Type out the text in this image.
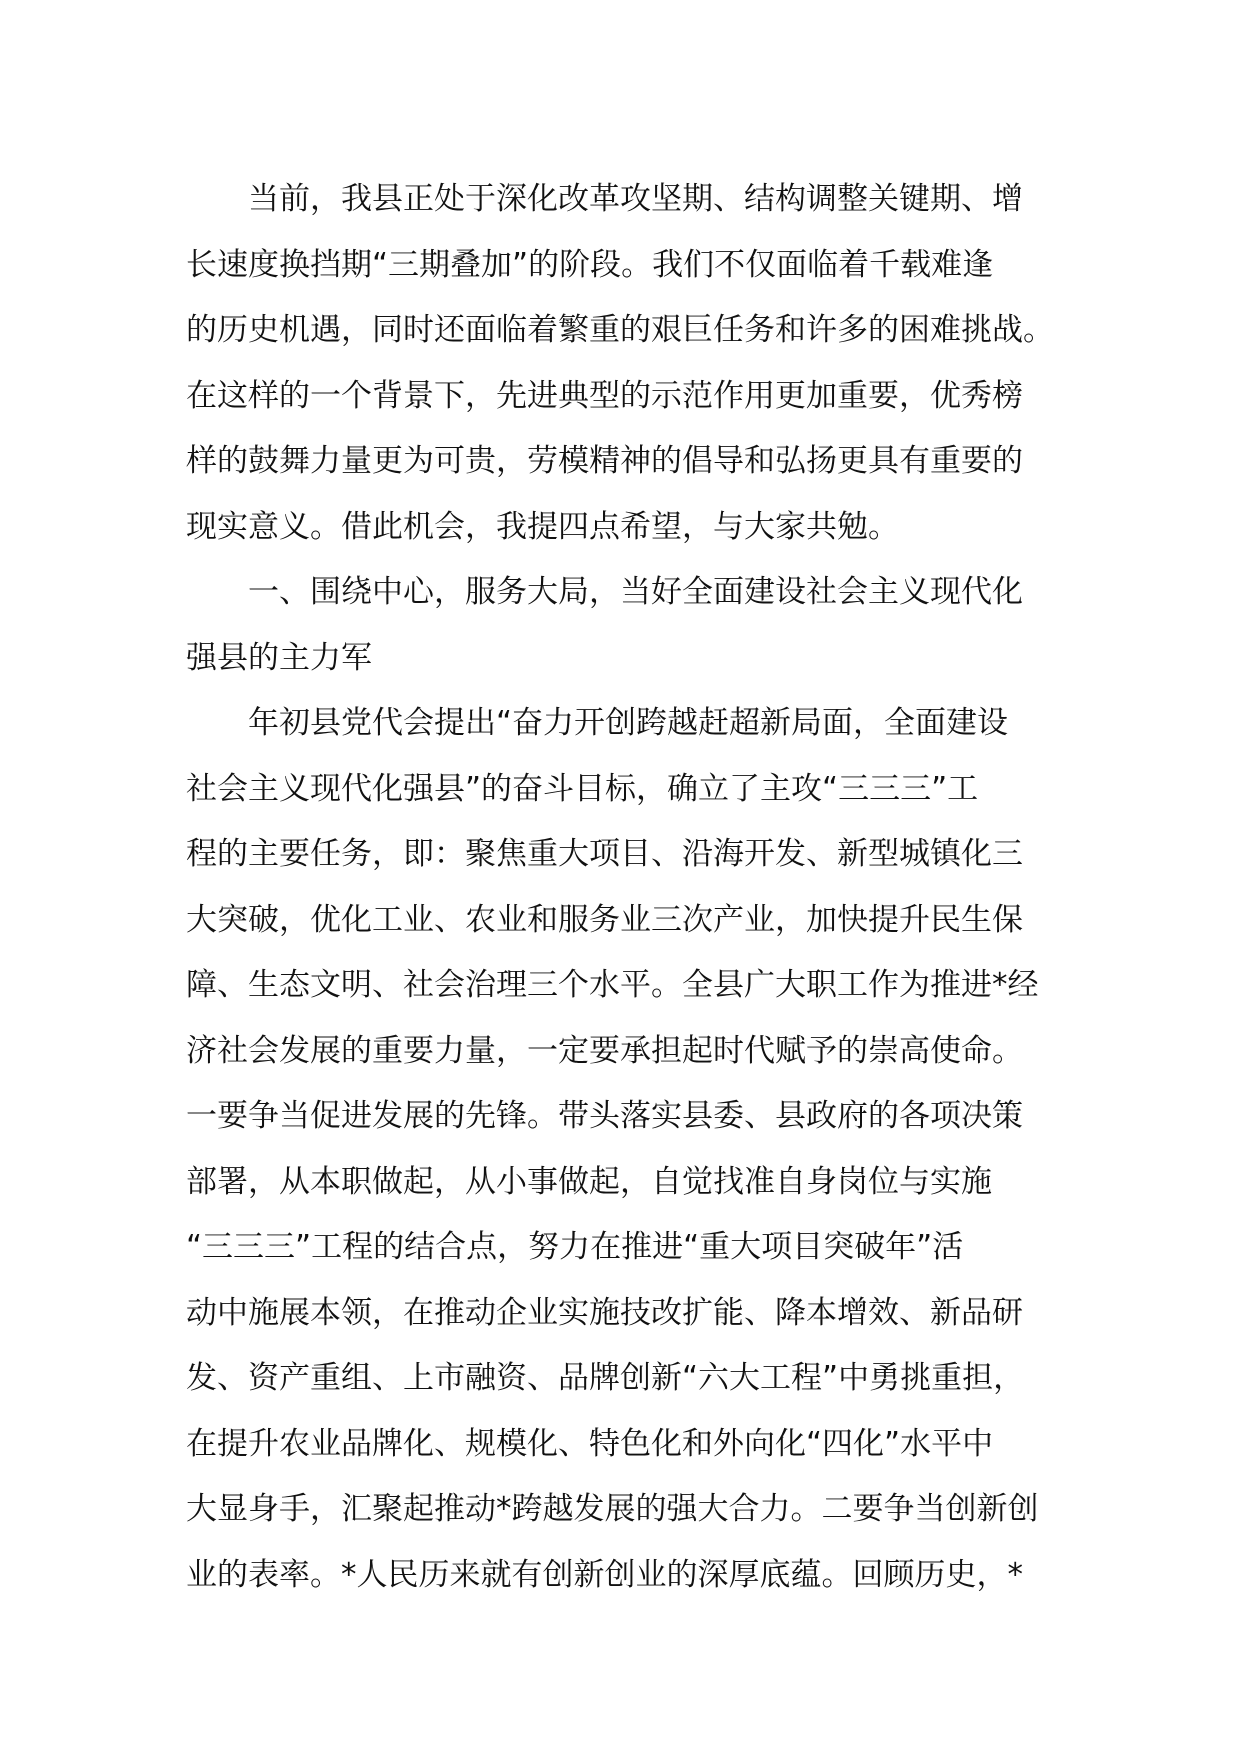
　　当前，我县正处于深化改革攻坚期、结构调整关键期、增
长速度换挡期“三期叠加”的阶段。我们不仅面临着千载难逢
的历史机遇，同时还面临着繁重的艰巨任务和许多的困难挑战。
在这样的一个背景下，先进典型的示范作用更加重要，优秀榜
样的鼓舞力量更为可贵，劳模精神的倡导和弘扬更具有重要的
现实意义。借此机会，我提四点希望，与大家共勉。
　　一、围绕中心，服务大局，当好全面建设社会主义现代化
强县的主力军
　　年初县党代会提出“奋力开创跨越赶超新局面，全面建设
社会主义现代化强县”的奋斗目标，确立了主攻“三三三”工
程的主要任务，即：聚焦重大项目、沿海开发、新型城镇化三
大突破，优化工业、农业和服务业三次产业，加快提升民生保
障、生态文明、社会治理三个水平。全县广大职工作为推进*经
济社会发展的重要力量，一定要承担起时代赋予的崇高使命。
一要争当促进发展的先锋。带头落实县委、县政府的各项决策
部署，从本职做起，从小事做起，自觉找准自身岗位与实施
“三三三”工程的结合点，努力在推进“重大项目突破年”活
动中施展本领，在推动企业实施技改扩能、降本增效、新品研
发、资产重组、上市融资、品牌创新“六大工程”中勇挑重担，
在提升农业品牌化、规模化、特色化和外向化“四化”水平中
大显身手，汇聚起推动*跨越发展的强大合力。二要争当创新创
业的表率。*人民历来就有创新创业的深厚底蕴。回顾历史，*
